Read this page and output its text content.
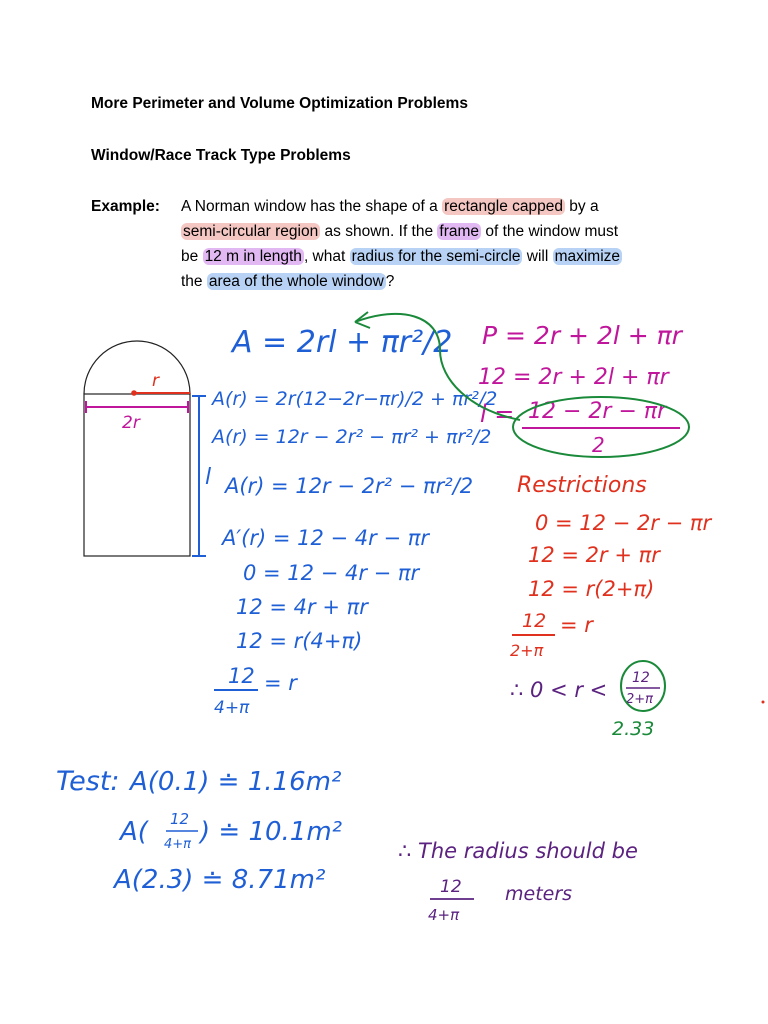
More Perimeter and Volume Optimization Problems
Window/Race Track Type Problems
Example: A Norman window has the shape of a rectangle capped by a
semi-circular region as shown. If the frame of the window must
be 12 m in length , what radius for the semi-circle will maximize
the area of the whole window ?
r
2r
l
A = 2rl + πr²/2
A(r) = 2r(12−2r−πr)/2 + πr²/2
A(r) = 12r − 2r² − πr² + πr²/2
A(r) = 12r − 2r² − πr²/2
A′(r) = 12 − 4r − πr
0 = 12 − 4r − πr
12 = 4r + πr
12 = r(4+π)
12
4+π
= r
P = 2r + 2l + πr
12 = 2r + 2l + πr
l = 12 − 2r − πr
2
Restrictions
0 = 12 − 2r − πr
12 = 2r + πr
12 = r(2+π)
12
2+π
= r
∴ 0 < r < 12
2+π
2.33
Test: A(0.1) ≐ 1.16m²
A( 12
4+π ) ≐ 10.1m²
A(2.3) ≐ 8.71m²
∴ The radius should be
12
4+π
meters
